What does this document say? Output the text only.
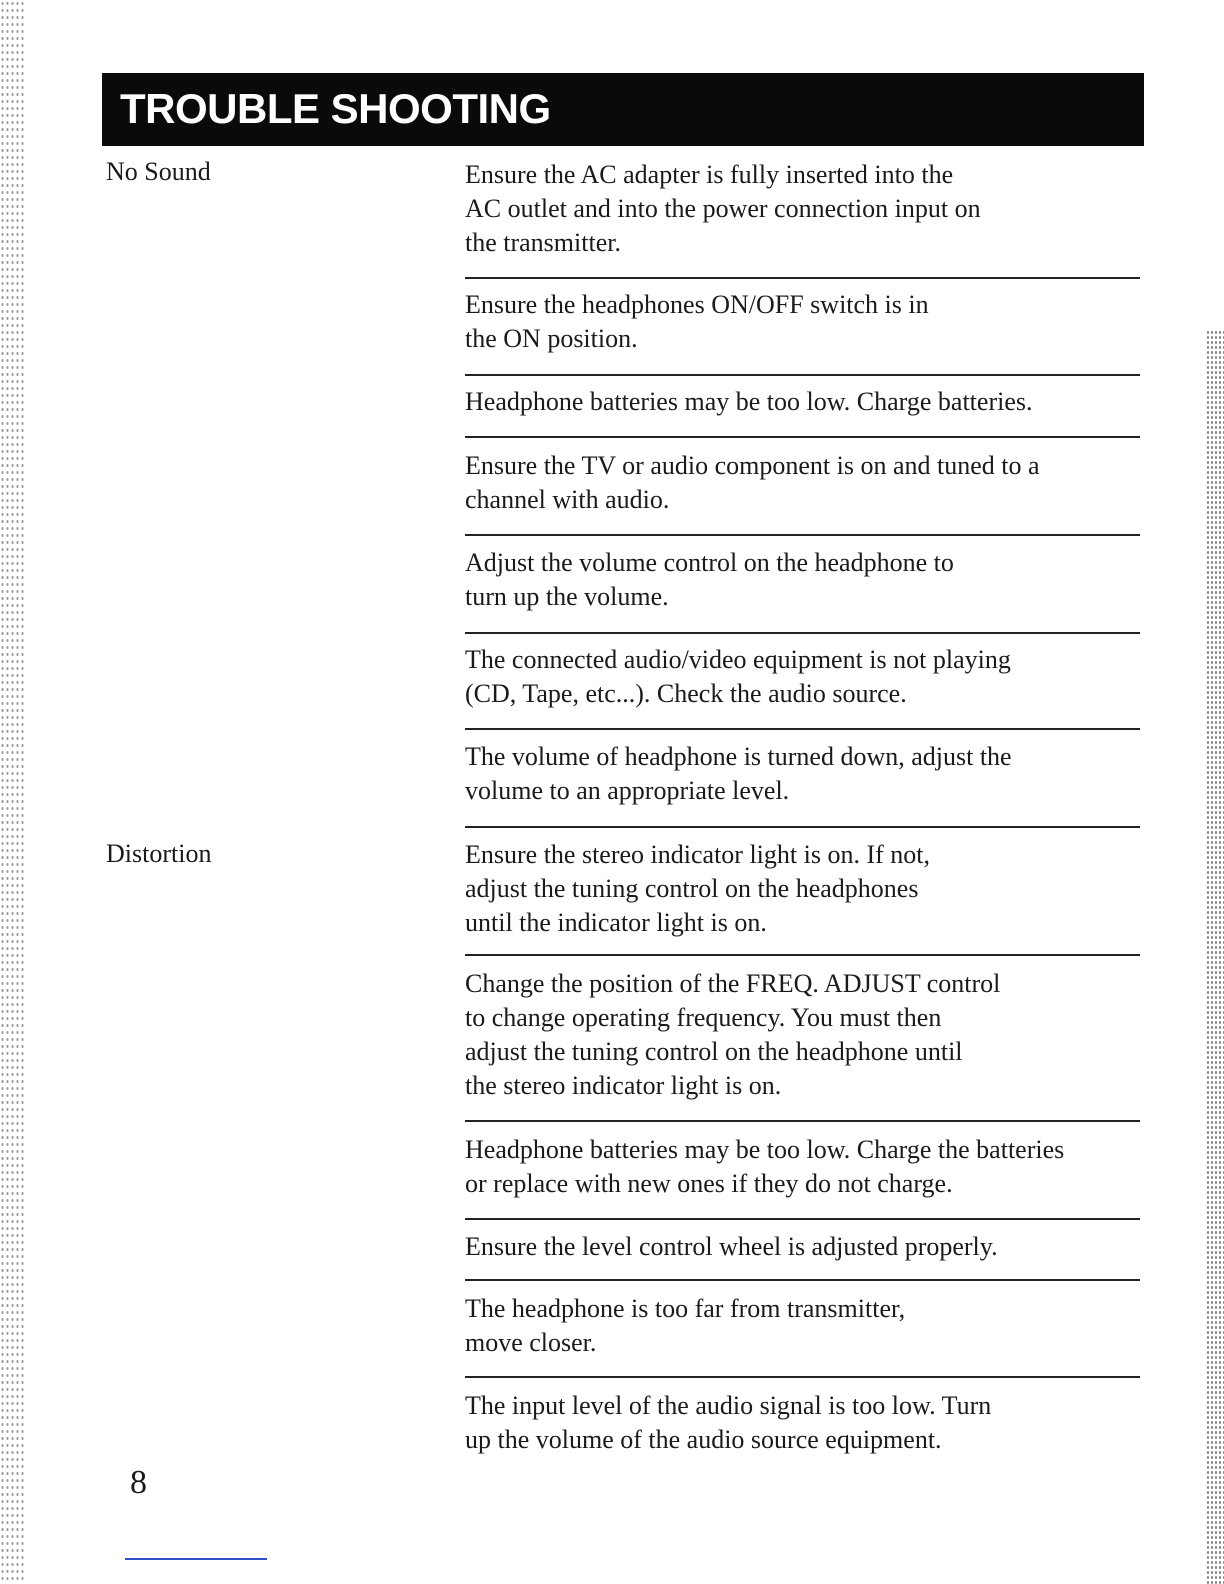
TROUBLE SHOOTING
No Sound
Distortion

Ensure the AC adapter is fully inserted into the
AC outlet and into the power connection input on
the transmitter.

Ensure the headphones ON/OFF switch is in
the ON position.

Headphone batteries may be too low. Charge batteries.

Ensure the TV or audio component is on and tuned to a
channel with audio.

Adjust the volume control on the headphone to
turn up the volume.

The connected audio/video equipment is not playing
(CD, Tape, etc...). Check the audio source.

The volume of headphone is turned down, adjust the
volume to an appropriate level.

Ensure the stereo indicator light is on. If not,
adjust the tuning control on the headphones
until the indicator light is on.

Change the position of the FREQ. ADJUST control
to change operating frequency. You must then
adjust the tuning control on the headphone until
the stereo indicator light is on.

Headphone batteries may be too low. Charge the batteries
or replace with new ones if they do not charge.

Ensure the level control wheel is adjusted properly.

The headphone is too far from transmitter,
move closer.

The input level of the audio signal is too low. Turn
up the volume of the audio source equipment.

8
